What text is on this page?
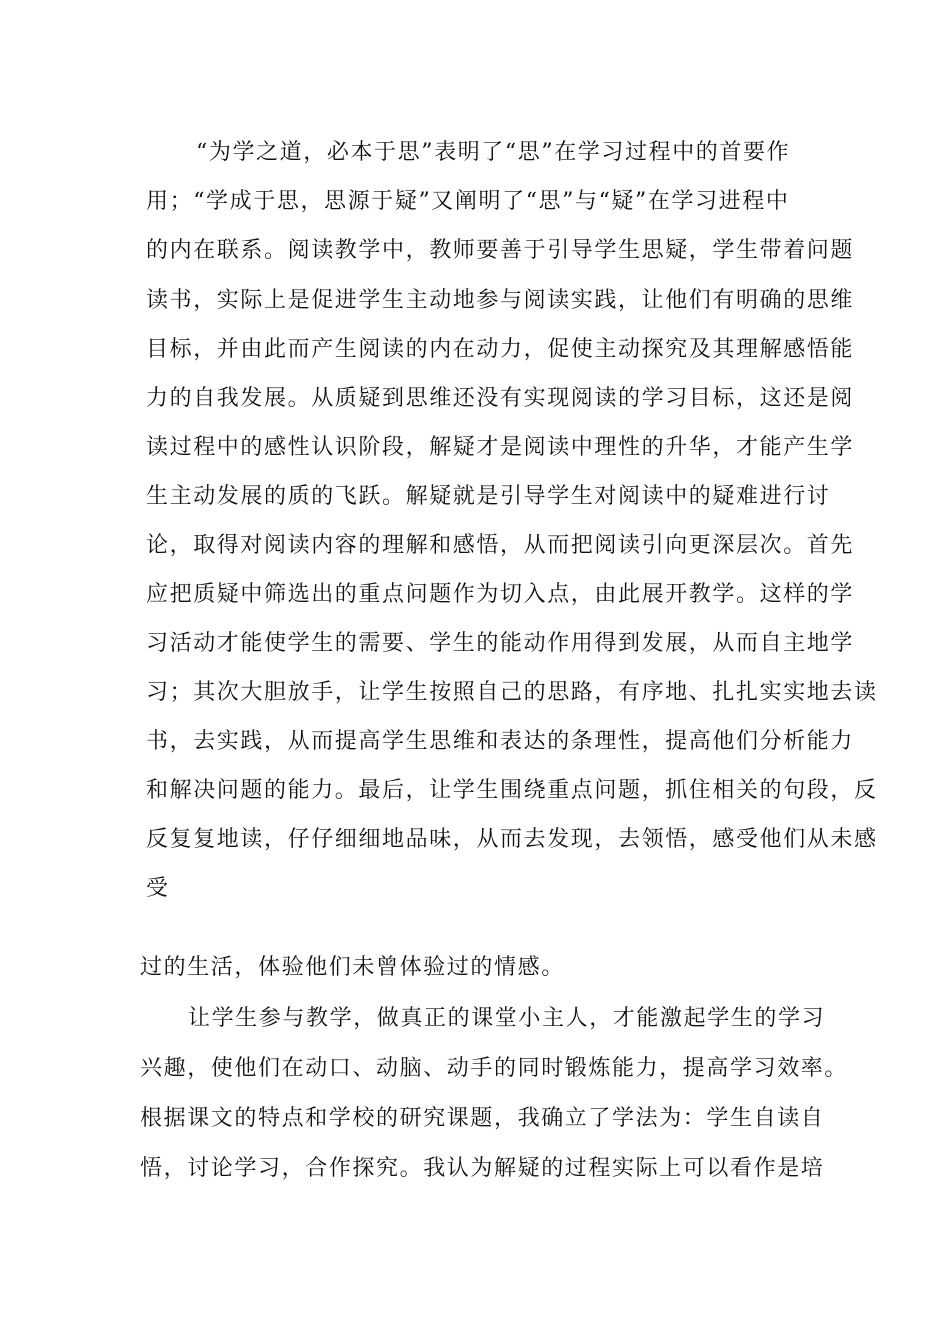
“为学之道，必本于思”表明了“思”在学习过程中的首要作
用；“学成于思，思源于疑”又阐明了“思”与“疑”在学习进程中
的内在联系。阅读教学中，教师要善于引导学生思疑，学生带着问题
读书，实际上是促进学生主动地参与阅读实践，让他们有明确的思维
目标，并由此而产生阅读的内在动力，促使主动探究及其理解感悟能
力的自我发展。从质疑到思维还没有实现阅读的学习目标，这还是阅
读过程中的感性认识阶段，解疑才是阅读中理性的升华，才能产生学
生主动发展的质的飞跃。解疑就是引导学生对阅读中的疑难进行讨
论，取得对阅读内容的理解和感悟，从而把阅读引向更深层次。首先
应把质疑中筛选出的重点问题作为切入点，由此展开教学。这样的学
习活动才能使学生的需要、学生的能动作用得到发展，从而自主地学
习；其次大胆放手，让学生按照自己的思路，有序地、扎扎实实地去读
书，去实践，从而提高学生思维和表达的条理性，提高他们分析能力
和解决问题的能力。最后，让学生围绕重点问题，抓住相关的句段，反
反复复地读，仔仔细细地品味，从而去发现，去领悟，感受他们从未感
受
过的生活，体验他们未曾体验过的情感。
让学生参与教学，做真正的课堂小主人，才能激起学生的学习
兴趣，使他们在动口、动脑、动手的同时锻炼能力，提高学习效率。
根据课文的特点和学校的研究课题，我确立了学法为：学生自读自
悟，讨论学习，合作探究。我认为解疑的过程实际上可以看作是培
